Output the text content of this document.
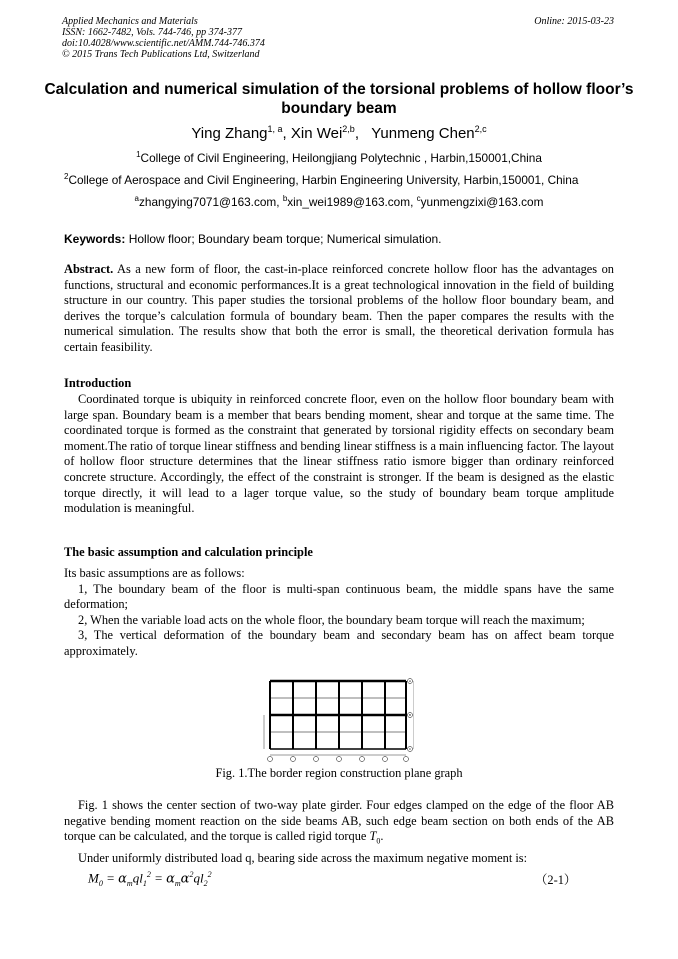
Applied Mechanics and Materials
ISSN: 1662-7482, Vols. 744-746, pp 374-377
doi:10.4028/www.scientific.net/AMM.744-746.374
© 2015 Trans Tech Publications Ltd, Switzerland
Online: 2015-03-23
Calculation and numerical simulation of the torsional problems of hollow floor’s boundary beam
Ying Zhang$^{1, a}$, Xin Wei$^{2,b}$,   Yunmeng Chen$^{2,c}$
$^1$College of Civil Engineering, Heilongjiang Polytechnic , Harbin,150001,China
$^2$College of Aerospace and Civil Engineering, Harbin Engineering University, Harbin,150001, China
$^a$zhangying7071@163.com, $^b$xin_wei1989@163.com, $^c$yunmengzixi@163.com
Keywords: Hollow floor; Boundary beam torque; Numerical simulation.
Abstract. As a new form of floor, the cast-in-place reinforced concrete hollow floor has the advantages on functions, structural and economic performances.It is a great technological innovation in the field of building structure in our country. This paper studies the torsional problems of the hollow floor boundary beam, and derives the torque’s calculation formula of boundary beam. Then the paper compares the results with the numerical simulation. The results show that both the error is small, the theoretical derivation formula has certain feasibility.
Introduction
Coordinated torque is ubiquity in reinforced concrete floor, even on the hollow floor boundary beam with large span. Boundary beam is a member that bears bending moment, shear and torque at the same time. The coordinated torque is formed as the constraint that generated by torsional rigidity effects on secondary beam moment.The ratio of torque linear stiffness and bending linear stiffness is a main influencing factor. The layout of hollow floor structure determines that the linear stiffness ratio ismore bigger than ordinary reinforced concrete structure. Accordingly, the effect of the constraint is stronger. If the beam is designed as the elastic torque directly, it will lead to a lager torque value, so the study of boundary beam torque amplitude modulation is meaningful.
The basic assumption and calculation principle

Its basic assumptions are as follows:

1, The boundary beam of the floor is multi-span continuous beam, the middle spans have the same deformation;

2, When the variable load acts on the whole floor, the boundary beam torque will reach the maximum;

3, The vertical deformation of the boundary beam and secondary beam has on affect beam torque approximately.

A
B
C
Fig. 1.The border region construction plane graph
Fig. 1 shows the center section of two-way plate girder. Four edges clamped on the edge of the floor AB negative bending moment reaction on the side beams AB, such edge beam section on both ends of the AB torque can be calculated, and the torque is called rigid torque $T_0$.
Under uniformly distributed load q, bearing side across the maximum negative moment is:
$M_0 = \alpha_mql_1^2 = \alpha_m\alpha^2ql_2^2$	（2-1）
